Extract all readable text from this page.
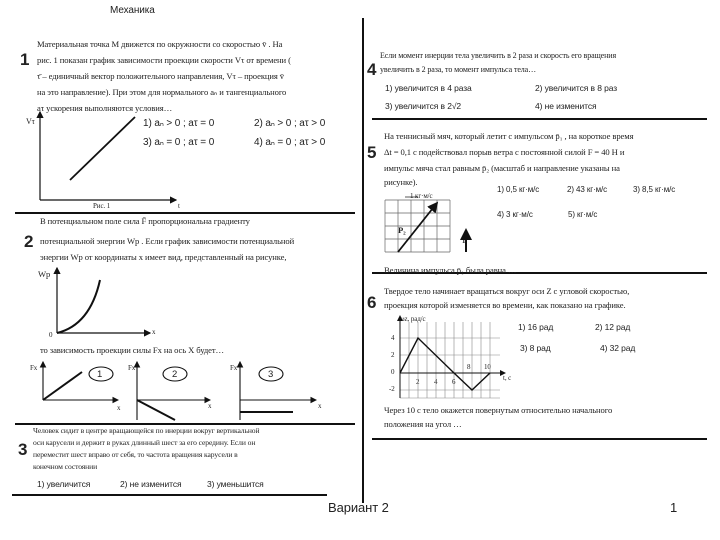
Механика
1
Материальная точка M движется по окружности со скоростью v̄ . На
рис. 1 показан график зависимости проекции скорости Vτ от времени (
τ̄ – единичный вектор положительного направления, Vτ – проекция v̄
на это направление). При этом для нормального aₙ и тангенциального
aτ ускорения выполняются условия…
Vτ
t
Рис. 1
1) aₙ > 0 ; aτ = 0	2) aₙ > 0 ; aτ > 0
3) aₙ = 0 ; aτ = 0	4) aₙ = 0 ; aτ > 0
2
В потенциальном поле сила F̄ пропорциональна градиенту
потенциальной энергии Wp . Если график зависимости потенциальной
энергии Wp от координаты x имеет вид, представленный на рисунке,
Wp
x
0
то зависимость проекции силы Fx на ось X будет…
Fx
x
Fx
x
Fx
x
1	2	3
3
Человек сидит в центре вращающейся по инерции вокруг вертикальной
оси карусели и держит в руках длинный шест за его середину. Если он
переместит шест вправо от себя, то частота вращения карусели в
конечном состоянии
1) увеличится	2) не изменится	3) уменьшится
4
Если момент инерции тела увеличить в 2 раза и скорость его вращения
увеличить в 2 раза, то момент импульса тела…
1) увеличится в 4 раза	2) увеличится в 8 раз
3) увеличится в 2√2	4) не изменится
5
На теннисный мяч, который летит с импульсом p̄₁ , на короткое время
Δt = 0,1 с подействовал порыв ветра с постоянной силой F = 40 Н и
импульс мяча стал равным p̄₂ (масштаб и направление указаны на
рисунке).
1 кг·м/с
P₂
F̄
1) 0,5 кг·м/с	2) 43 кг·м/с	3) 8,5 кг·м/с
4) 3 кг·м/с	5) кг·м/с
Величина импульса p̄₁ была равна …
6
Твердое тело начинает вращаться вокруг оси Z с угловой скоростью,
проекция которой изменяется во времени, как показано на графике.
ωz, рад/с
t, с
4
2
0
-2
2 4 6
8 10
1) 16 рад	2) 12 рад
3) 8 рад	4) 32 рад
Через 10 с тело окажется повернутым относительно начального
положения на угол …
Вариант 2	1
